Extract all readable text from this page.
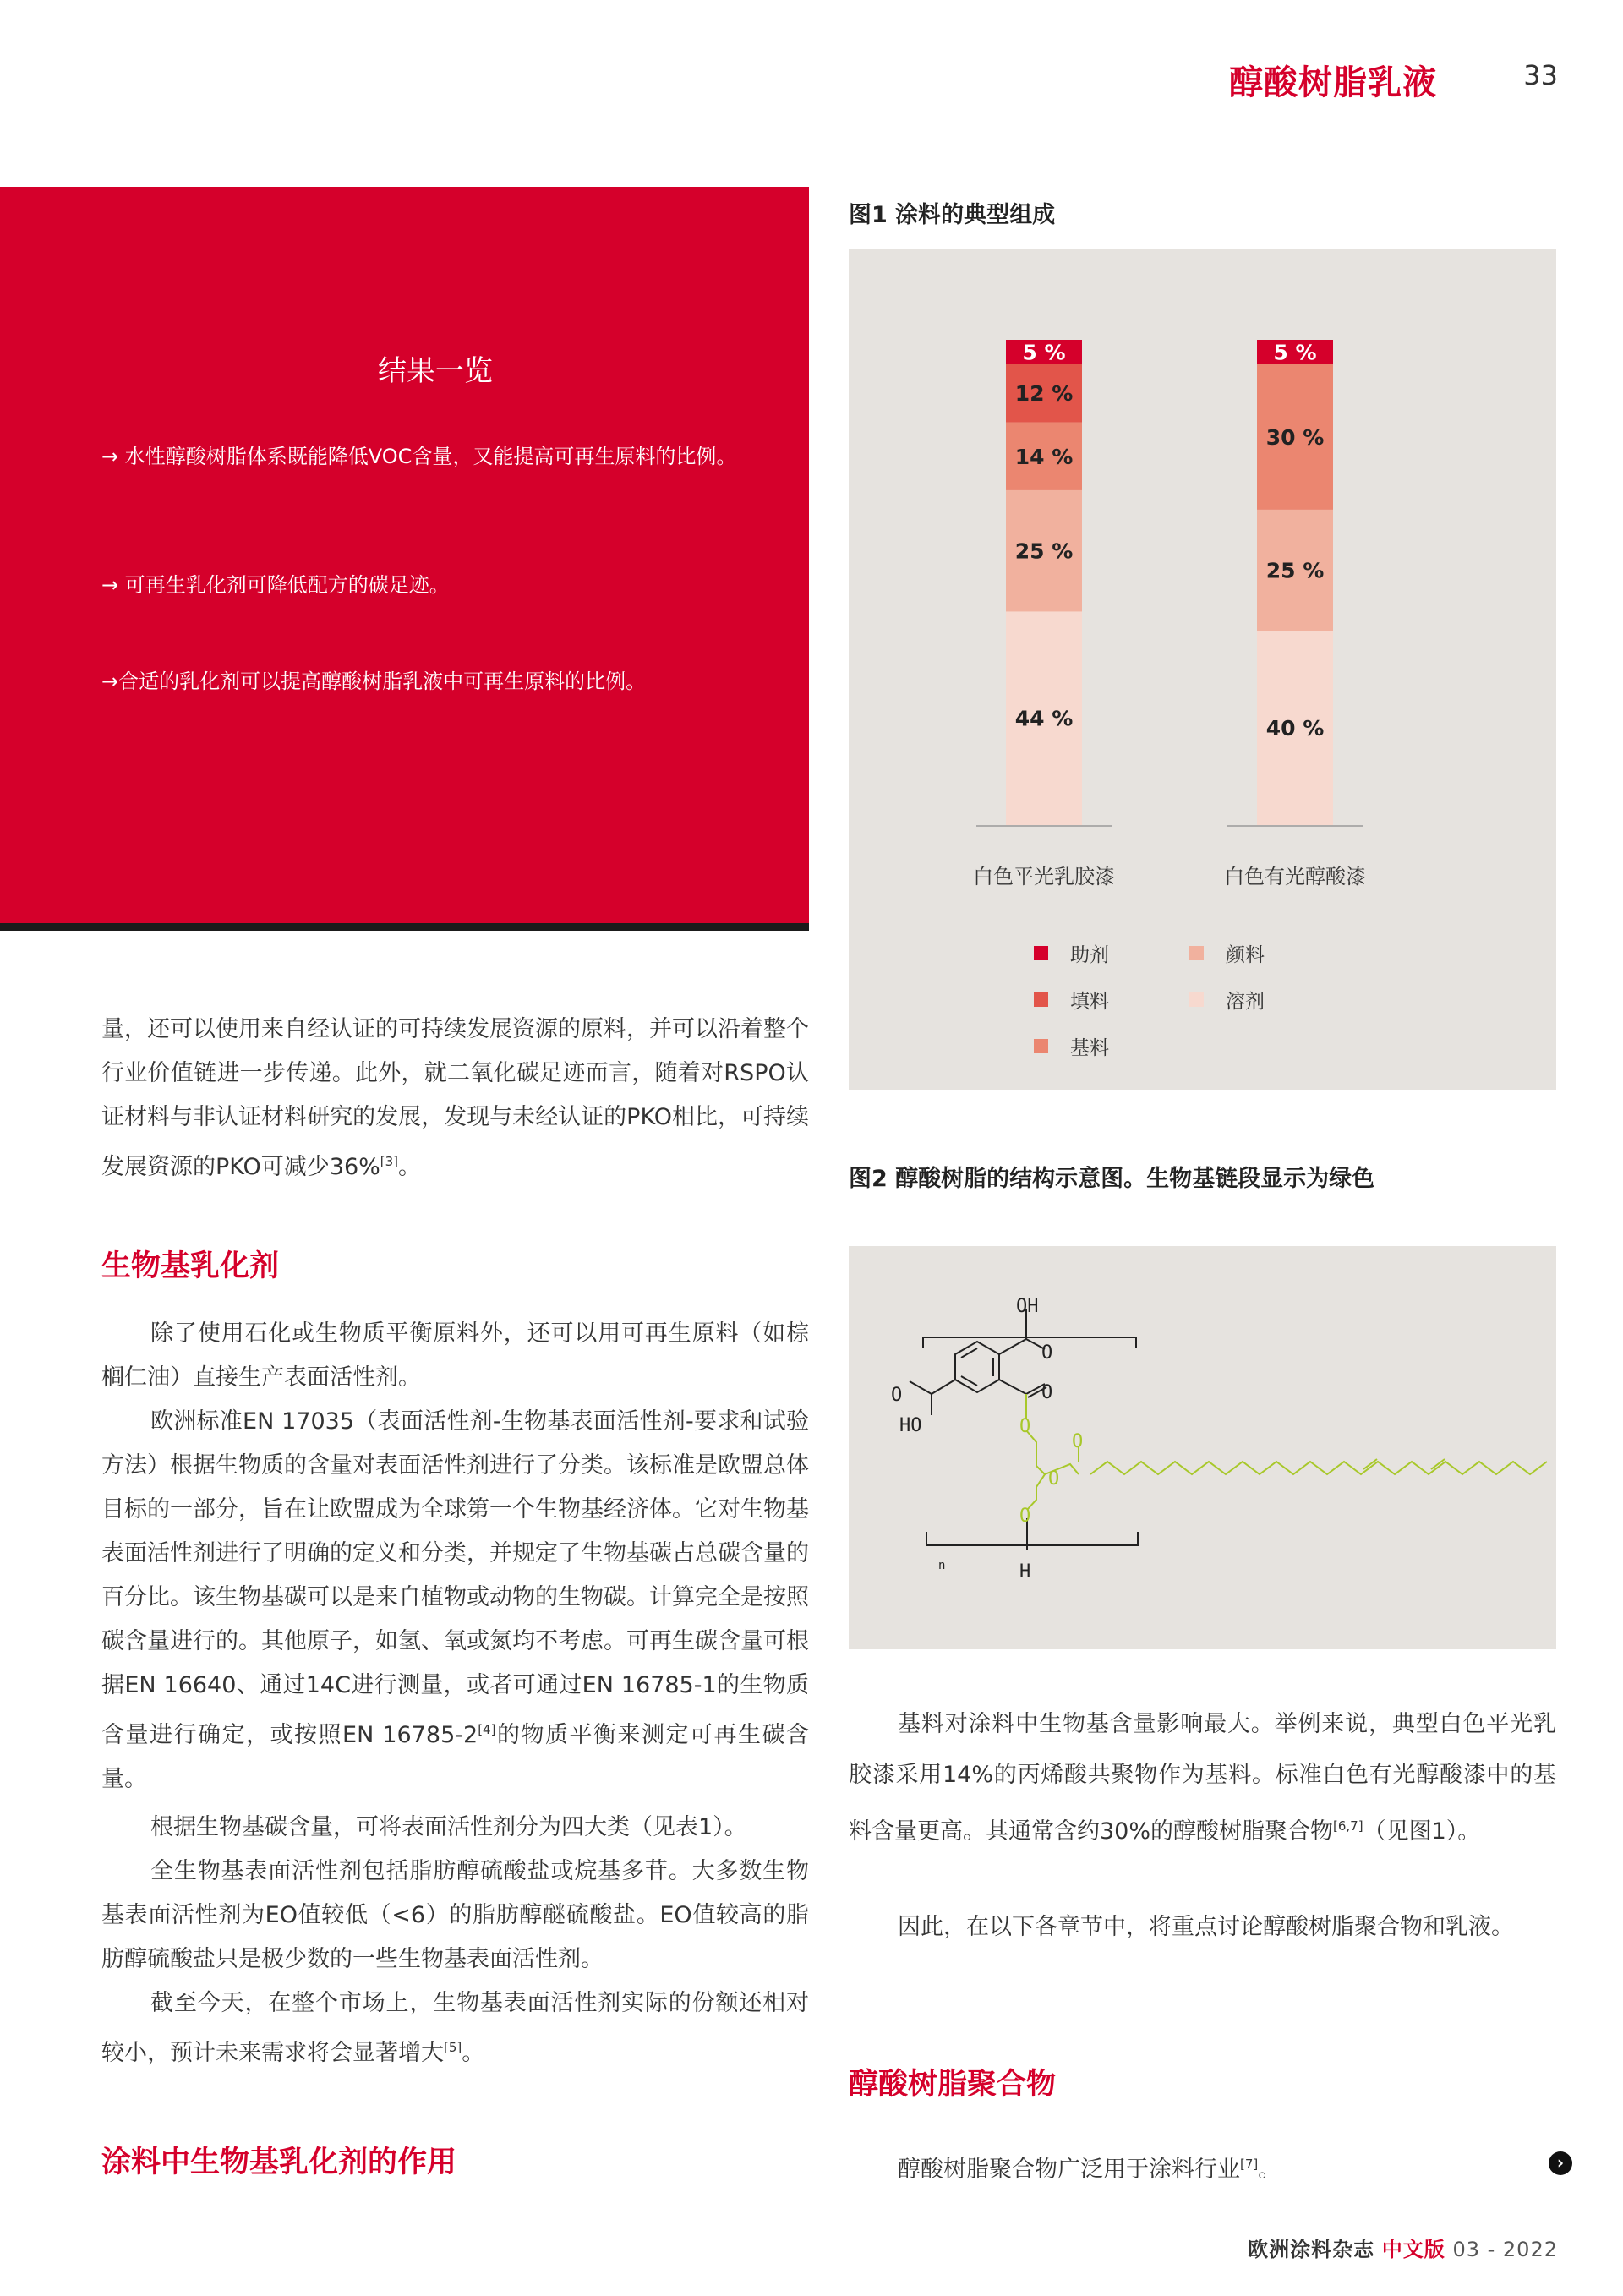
醇酸树脂乳液	33
结果一览
→ 水性醇酸树脂体系既能降低VOC含量，又能提高可再生原料的比例。
→ 可再生乳化剂可降低配方的碳足迹。
→合适的乳化剂可以提高醇酸树脂乳液中可再生原料的比例。
图1 涂料的典型组成
44 %
25 %
14 %
12 %
5 %
白色平光乳胶漆
40 %
25 %
30 %
5 %
白色有光醇酸漆
助剂	颜料
填料	溶剂
基料
图2 醇酸树脂的结构示意图。生物基链段显示为绿色
OH
O
O
O
HO
n	H
O
O
O
O
量，还可以使用来自经认证的可持续发展资源的原料，并可以沿着整个行业价值链进一步传递。此外，就二氧化碳足迹而言，随着对RSPO认证材料与非认证材料研究的发展，发现与未经认证的PKO相比，可持续发展资源的PKO可减少36%[3]。
生物基乳化剂
除了使用石化或生物质平衡原料外，还可以用可再生原料（如棕榈仁油）直接生产表面活性剂。
欧洲标准EN 17035（表面活性剂-生物基表面活性剂-要求和试验方法）根据生物质的含量对表面活性剂进行了分类。该标准是欧盟总体目标的一部分，旨在让欧盟成为全球第一个生物基经济体。它对生物基表面活性剂进行了明确的定义和分类，并规定了生物基碳占总碳含量的百分比。该生物基碳可以是来自植物或动物的生物碳。计算完全是按照碳含量进行的。其他原子，如氢、氧或氮均不考虑。可再生碳含量可根据EN 16640、通过14C进行测量，或者可通过EN 16785-1的生物质含量进行确定，或按照EN 16785-2[4]的物质平衡来测定可再生碳含量。
根据生物基碳含量，可将表面活性剂分为四大类（见表1）。
全生物基表面活性剂包括脂肪醇硫酸盐或烷基多苷。大多数生物基表面活性剂为EO值较低（<6）的脂肪醇醚硫酸盐。EO值较高的脂肪醇硫酸盐只是极少数的一些生物基表面活性剂。
截至今天，在整个市场上，生物基表面活性剂实际的份额还相对较小，预计未来需求将会显著增大[5]。
涂料中生物基乳化剂的作用
基料对涂料中生物基含量影响最大。举例来说，典型白色平光乳胶漆采用14%的丙烯酸共聚物作为基料。标准白色有光醇酸漆中的基料含量更高。其通常含约30%的醇酸树脂聚合物[6,7]（见图1）。
因此，在以下各章节中，将重点讨论醇酸树脂聚合物和乳液。
醇酸树脂聚合物
醇酸树脂聚合物广泛用于涂料行业[7]。	›
欧洲涂料杂志 中文版 03 - 2022
